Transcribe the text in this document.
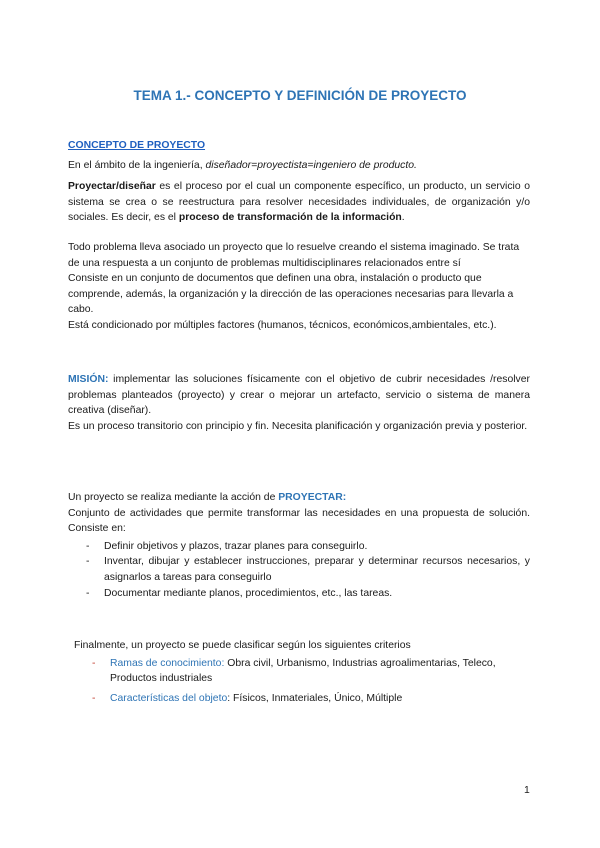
TEMA 1.- CONCEPTO Y DEFINICIÓN DE PROYECTO

CONCEPTO DE PROYECTO

En el ámbito de la ingeniería, diseñador=proyectista=ingeniero de producto.

Proyectar/diseñar es el proceso por el cual un componente específico, un producto, un servicio o sistema se crea o se reestructura para resolver necesidades individuales, de organización y/o sociales. Es decir, es el proceso de transformación de la información.

Todo problema lleva asociado un proyecto que lo resuelve creando el sistema imaginado. Se trata de una respuesta a un conjunto de problemas multidisciplinares relacionados entre sí

Consiste en un conjunto de documentos que definen una obra, instalación o producto que comprende, además, la organización y la dirección de las operaciones necesarias para llevarla a cabo.

Está condicionado por múltiples factores (humanos, técnicos, económicos,ambientales, etc.).

MISIÓN: implementar las soluciones físicamente con el objetivo de cubrir necesidades /resolver problemas planteados (proyecto) y crear o mejorar un artefacto, servicio o sistema de manera creativa (diseñar).

Es un proceso transitorio con principio y fin. Necesita planificación y organización previa y posterior.

Un proyecto se realiza mediante la acción de PROYECTAR:

Conjunto de actividades que permite transformar las necesidades en una propuesta de solución. Consiste en:

- Definir objetivos y plazos, trazar planes para conseguirlo.
- Inventar, dibujar y establecer instrucciones, preparar y determinar recursos necesarios, y asignarlos a tareas para conseguirlo
- Documentar mediante planos, procedimientos, etc., las tareas.

Finalmente, un proyecto se puede clasificar según los siguientes criterios

- Ramas de conocimiento: Obra civil, Urbanismo, Industrias agroalimentarias, Teleco, Productos industriales
- Características del objeto: Físicos, Inmateriales, Único, Múltiple
1
